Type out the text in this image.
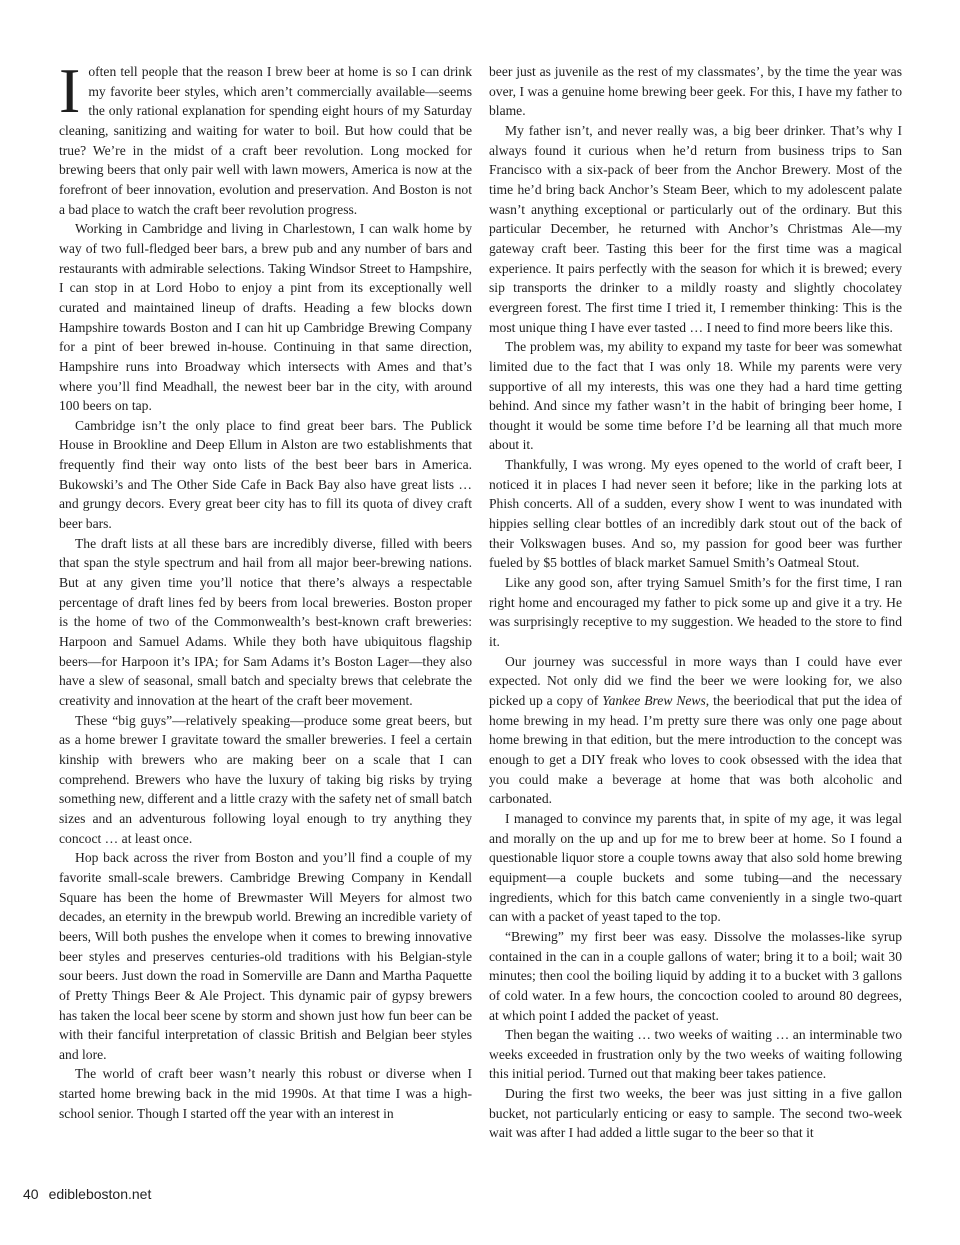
I often tell people that the reason I brew beer at home is so I can drink my favorite beer styles, which aren’t commercially available—seems the only rational explanation for spending eight hours of my Saturday cleaning, sanitizing and waiting for water to boil. But how could that be true? We’re in the midst of a craft beer revolution. Long mocked for brewing beers that only pair well with lawn mowers, America is now at the forefront of beer innovation, evolution and preservation. And Boston is not a bad place to watch the craft beer revolution progress.

Working in Cambridge and living in Charlestown, I can walk home by way of two full-fledged beer bars, a brew pub and any number of bars and restaurants with admirable selections. Taking Windsor Street to Hampshire, I can stop in at Lord Hobo to enjoy a pint from its exceptionally well curated and maintained lineup of drafts. Heading a few blocks down Hampshire towards Boston and I can hit up Cambridge Brewing Company for a pint of beer brewed in-house. Continuing in that same direction, Hampshire runs into Broadway which intersects with Ames and that’s where you’ll find Meadhall, the newest beer bar in the city, with around 100 beers on tap.

Cambridge isn’t the only place to find great beer bars. The Publick House in Brookline and Deep Ellum in Alston are two establishments that frequently find their way onto lists of the best beer bars in America. Bukowski’s and The Other Side Cafe in Back Bay also have great lists … and grungy decors. Every great beer city has to fill its quota of divey craft beer bars.

The draft lists at all these bars are incredibly diverse, filled with beers that span the style spectrum and hail from all major beer-brewing nations. But at any given time you’ll notice that there’s always a respectable percentage of draft lines fed by beers from local breweries. Boston proper is the home of two of the Commonwealth’s best-known craft breweries: Harpoon and Samuel Adams. While they both have ubiquitous flagship beers—for Harpoon it’s IPA; for Sam Adams it’s Boston Lager—they also have a slew of seasonal, small batch and specialty brews that celebrate the creativity and innovation at the heart of the craft beer movement.

These “big guys”—relatively speaking—produce some great beers, but as a home brewer I gravitate toward the smaller breweries. I feel a certain kinship with brewers who are making beer on a scale that I can comprehend. Brewers who have the luxury of taking big risks by trying something new, different and a little crazy with the safety net of small batch sizes and an adventurous following loyal enough to try anything they concoct … at least once.

Hop back across the river from Boston and you’ll find a couple of my favorite small-scale brewers. Cambridge Brewing Company in Kendall Square has been the home of Brewmaster Will Meyers for almost two decades, an eternity in the brewpub world. Brewing an incredible variety of beers, Will both pushes the envelope when it comes to brewing innovative beer styles and preserves centuries-old traditions with his Belgian-style sour beers. Just down the road in Somerville are Dann and Martha Paquette of Pretty Things Beer & Ale Project. This dynamic pair of gypsy brewers has taken the local beer scene by storm and shown just how fun beer can be with their fanciful interpretation of classic British and Belgian beer styles and lore.

The world of craft beer wasn’t nearly this robust or diverse when I started home brewing back in the mid 1990s. At that time I was a high-school senior. Though I started off the year with an interest in

beer just as juvenile as the rest of my classmates’, by the time the year was over, I was a genuine home brewing beer geek. For this, I have my father to blame.

My father isn’t, and never really was, a big beer drinker. That’s why I always found it curious when he’d return from business trips to San Francisco with a six-pack of beer from the Anchor Brewery. Most of the time he’d bring back Anchor’s Steam Beer, which to my adolescent palate wasn’t anything exceptional or particularly out of the ordinary. But this particular December, he returned with Anchor’s Christmas Ale—my gateway craft beer. Tasting this beer for the first time was a magical experience. It pairs perfectly with the season for which it is brewed; every sip transports the drinker to a mildly roasty and slightly chocolatey evergreen forest. The first time I tried it, I remember thinking: This is the most unique thing I have ever tasted … I need to find more beers like this.

The problem was, my ability to expand my taste for beer was somewhat limited due to the fact that I was only 18. While my parents were very supportive of all my interests, this was one they had a hard time getting behind. And since my father wasn’t in the habit of bringing beer home, I thought it would be some time before I’d be learning all that much more about it.

Thankfully, I was wrong. My eyes opened to the world of craft beer, I noticed it in places I had never seen it before; like in the parking lots at Phish concerts. All of a sudden, every show I went to was inundated with hippies selling clear bottles of an incredibly dark stout out of the back of their Volkswagen buses. And so, my passion for good beer was further fueled by $5 bottles of black market Samuel Smith’s Oatmeal Stout.

Like any good son, after trying Samuel Smith’s for the first time, I ran right home and encouraged my father to pick some up and give it a try. He was surprisingly receptive to my suggestion. We headed to the store to find it.

Our journey was successful in more ways than I could have ever expected. Not only did we find the beer we were looking for, we also picked up a copy of Yankee Brew News, the beeriodical that put the idea of home brewing in my head. I’m pretty sure there was only one page about home brewing in that edition, but the mere introduction to the concept was enough to get a DIY freak who loves to cook obsessed with the idea that you could make a beverage at home that was both alcoholic and carbonated.

I managed to convince my parents that, in spite of my age, it was legal and morally on the up and up for me to brew beer at home. So I found a questionable liquor store a couple towns away that also sold home brewing equipment—a couple buckets and some tubing—and the necessary ingredients, which for this batch came conveniently in a single two-quart can with a packet of yeast taped to the top.

“Brewing” my first beer was easy. Dissolve the molasses-like syrup contained in the can in a couple gallons of water; bring it to a boil; wait 30 minutes; then cool the boiling liquid by adding it to a bucket with 3 gallons of cold water. In a few hours, the concoction cooled to around 80 degrees, at which point I added the packet of yeast.

Then began the waiting … two weeks of waiting … an interminable two weeks exceeded in frustration only by the two weeks of waiting following this initial period. Turned out that making beer takes patience.

During the first two weeks, the beer was just sitting in a five gallon bucket, not particularly enticing or easy to sample. The second two-week wait was after I had added a little sugar to the beer so that it

40 edibleboston.net
